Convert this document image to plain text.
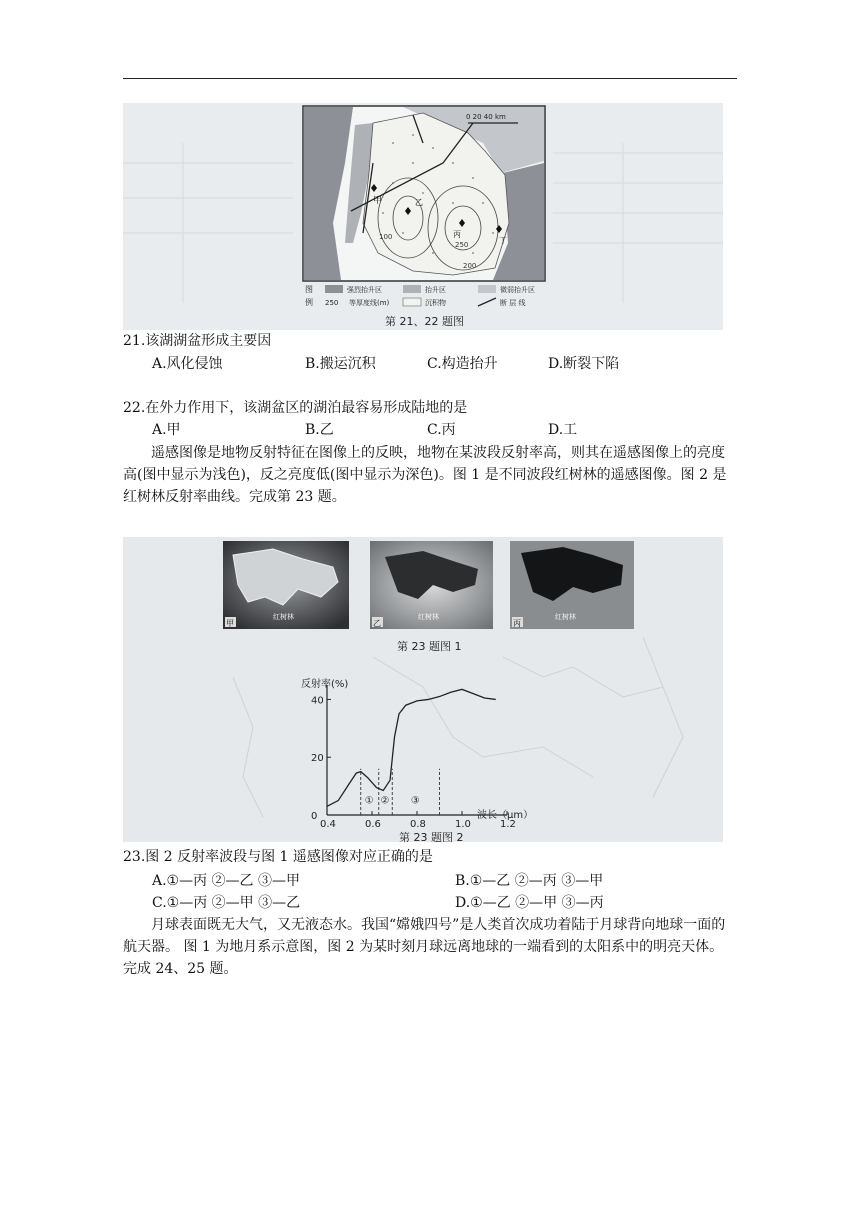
甲	乙
丙
丁
100
250
200
0 20 40 km
图
例
强烈抬升区	抬升区	微弱抬升区
250 等厚度线(m)	沉积物	断 层 线
第 21、22 题图
21.该湖湖盆形成主要因
A.风化侵蚀	B.搬运沉积	C.构造抬升	D.断裂下陷
22.在外力作用下，该湖盆区的湖泊最容易形成陆地的是
A.甲	B.乙	C.丙	D.工
遥感图像是地物反射特征在图像上的反映，地物在某波段反射率高，则其在遥感图像上的亮度高(图中显示为浅色)，反之亮度低(图中显示为深色)。图 1 是不同波段红树林的遥感图像。图 2 是红树林反射率曲线。完成第 23 题。
甲
红树林
乙
红树林
丙
红树林
第 23 题图 1
反射率(%)
波长（μm）
0.4	0.6	0.8	1.0	1.2
0
20
40
① ② ③
第 23 题图 2
23.图 2 反射率波段与图 1 遥感图像对应正确的是
A.①—丙 ②—乙 ③—甲	B.①—乙 ②—丙 ③—甲
C.①—丙 ②—甲 ③—乙	D.①—乙 ②—甲 ③—丙
月球表面既无大气，又无液态水。我国“嫦娥四号”是人类首次成功着陆于月球背向地球一面的航天器。 图 1 为地月系示意图，图 2 为某时刻月球远离地球的一端看到的太阳系中的明亮天体。完成 24、25 题。
